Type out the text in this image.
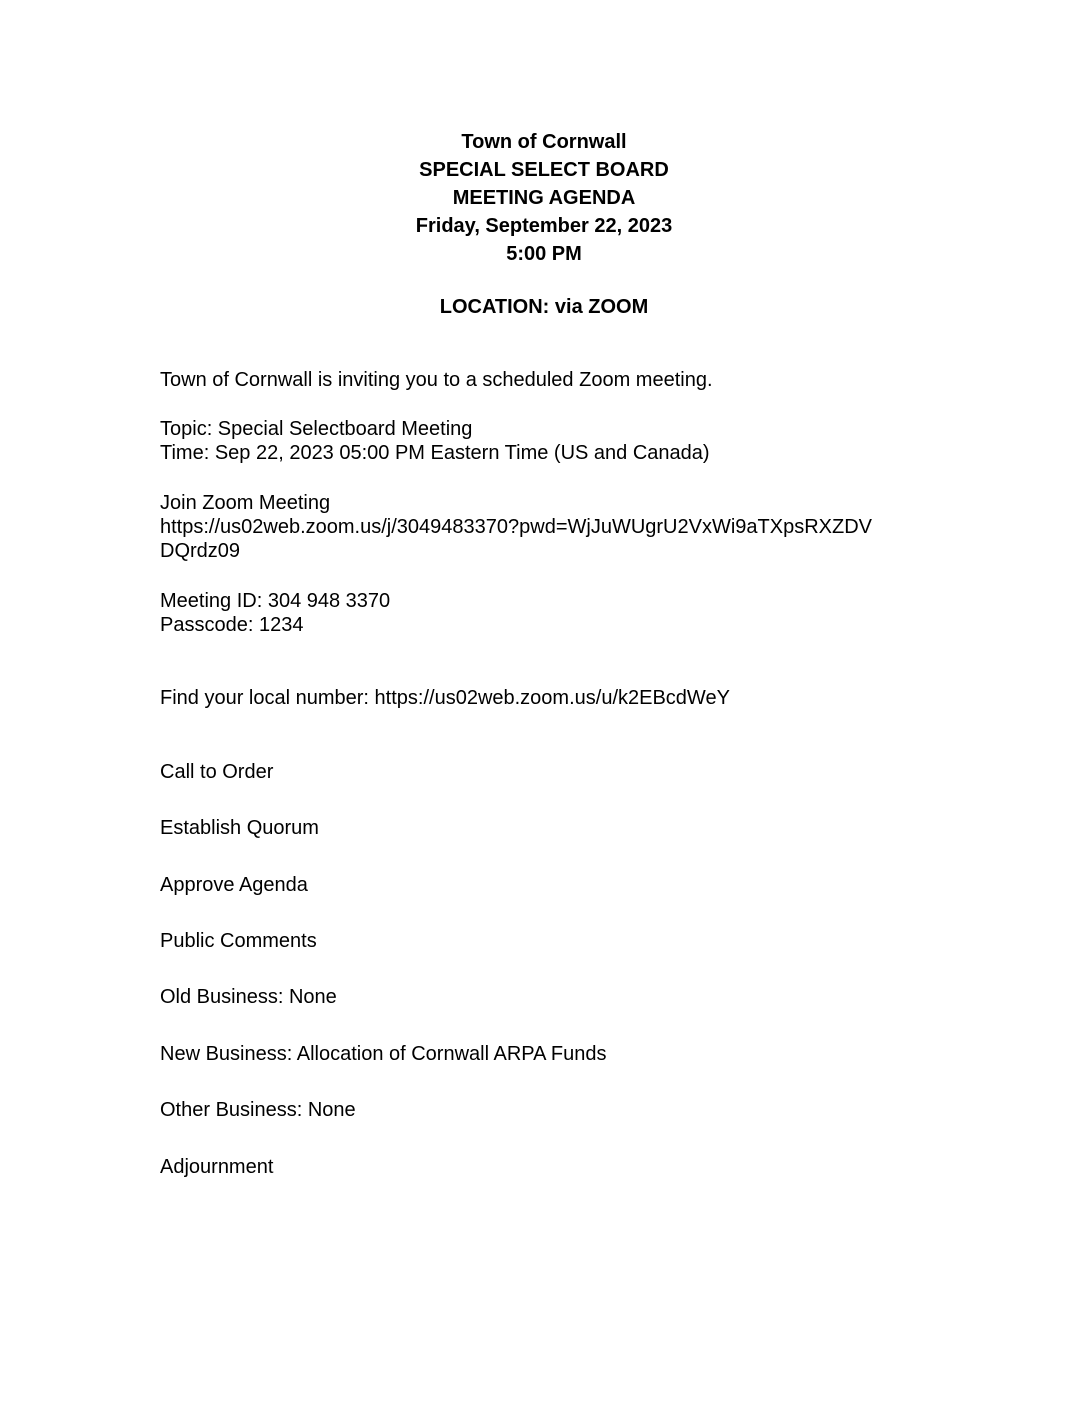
Town of Cornwall
SPECIAL SELECT BOARD
MEETING AGENDA
Friday, September 22, 2023
5:00 PM
LOCATION: via ZOOM
Town of Cornwall is inviting you to a scheduled Zoom meeting.
Topic: Special Selectboard Meeting
Time: Sep 22, 2023 05:00 PM Eastern Time (US and Canada)
Join Zoom Meeting
https://us02web.zoom.us/j/3049483370?pwd=WjJuWUgrU2VxWi9aTXpsRXZDV
DQrdz09
Meeting ID: 304 948 3370
Passcode: 1234
Find your local number: https://us02web.zoom.us/u/k2EBcdWeY
Call to Order
Establish Quorum
Approve Agenda
Public Comments
Old Business: None
New Business: Allocation of Cornwall ARPA Funds
Other Business: None
Adjournment
